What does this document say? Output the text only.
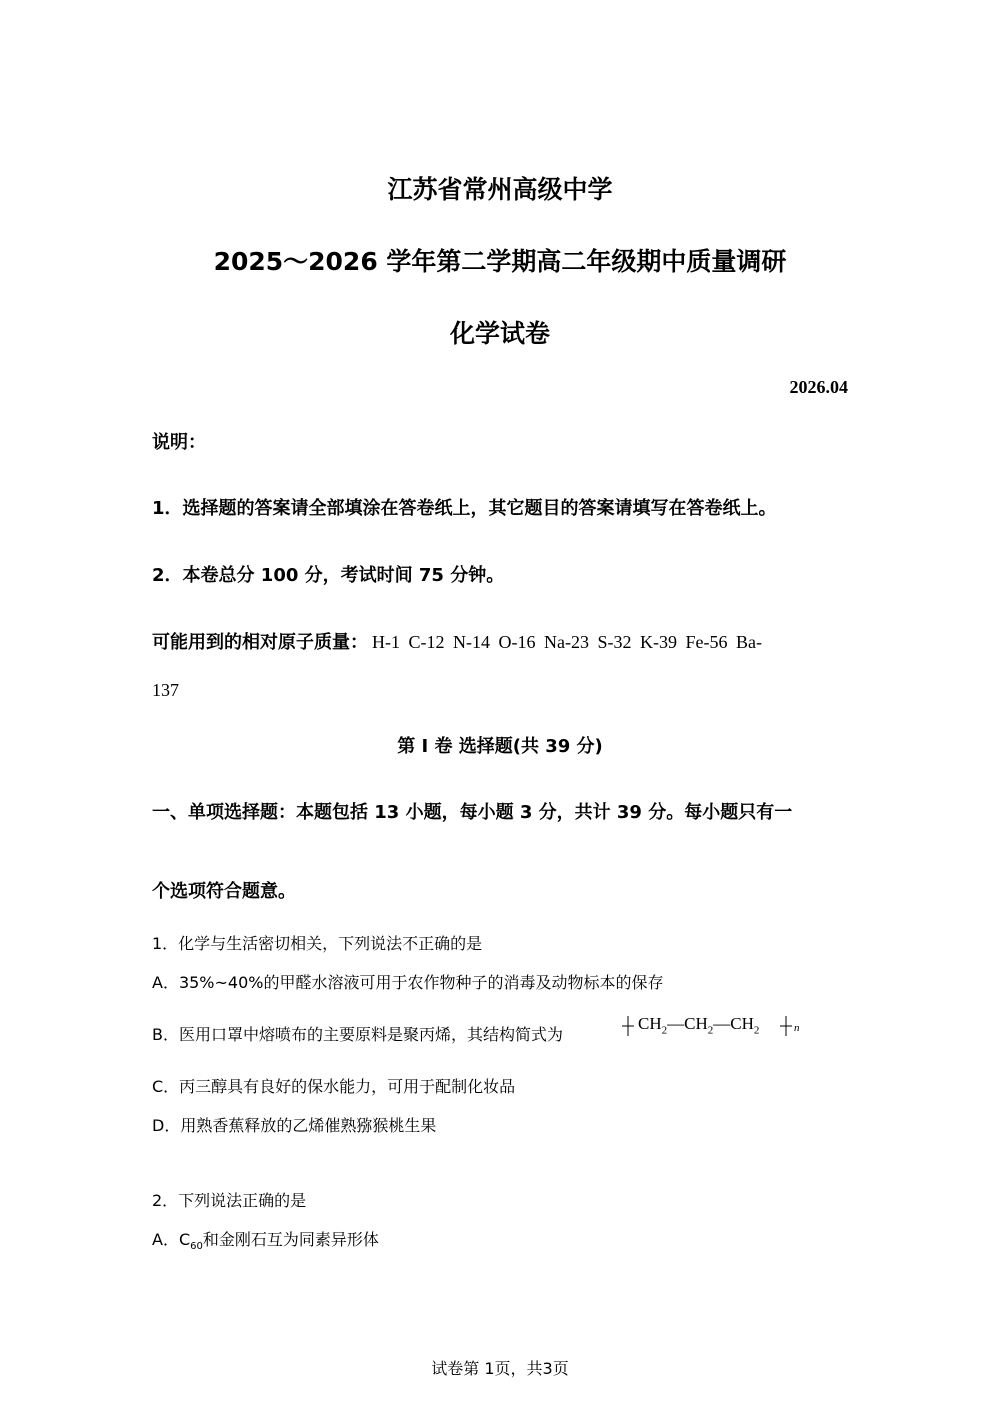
江苏省常州高级中学
2025～2026 学年第二学期高二年级期中质量调研
化学试卷
2026.04
说明：
1．选择题的答案请全部填涂在答卷纸上，其它题目的答案请填写在答卷纸上。
2．本卷总分 100 分，考试时间 75 分钟。
可能用到的相对原子质量： H-1 C-12 N-14 O-16 Na-23 S-32 K-39 Fe-56 Ba-
137
第 Ⅰ 卷 选择题(共 39 分)
一、单项选择题：本题包括 13 小题，每小题 3 分，共计 39 分。每小题只有一
个选项符合题意。
1．化学与生活密切相关，下列说法不正确的是
A．35%~40%的甲醛水溶液可用于农作物种子的消毒及动物标本的保存
B．医用口罩中熔喷布的主要原料是聚丙烯，其结构简式为
$CH_2—CH_2—CH_2$	n
C．丙三醇具有良好的保水能力，可用于配制化妆品
D．用熟香蕉释放的乙烯催熟猕猴桃生果
2．下列说法正确的是
A．$C_{60}$和金刚石互为同素异形体
试卷第 1页，共3页
